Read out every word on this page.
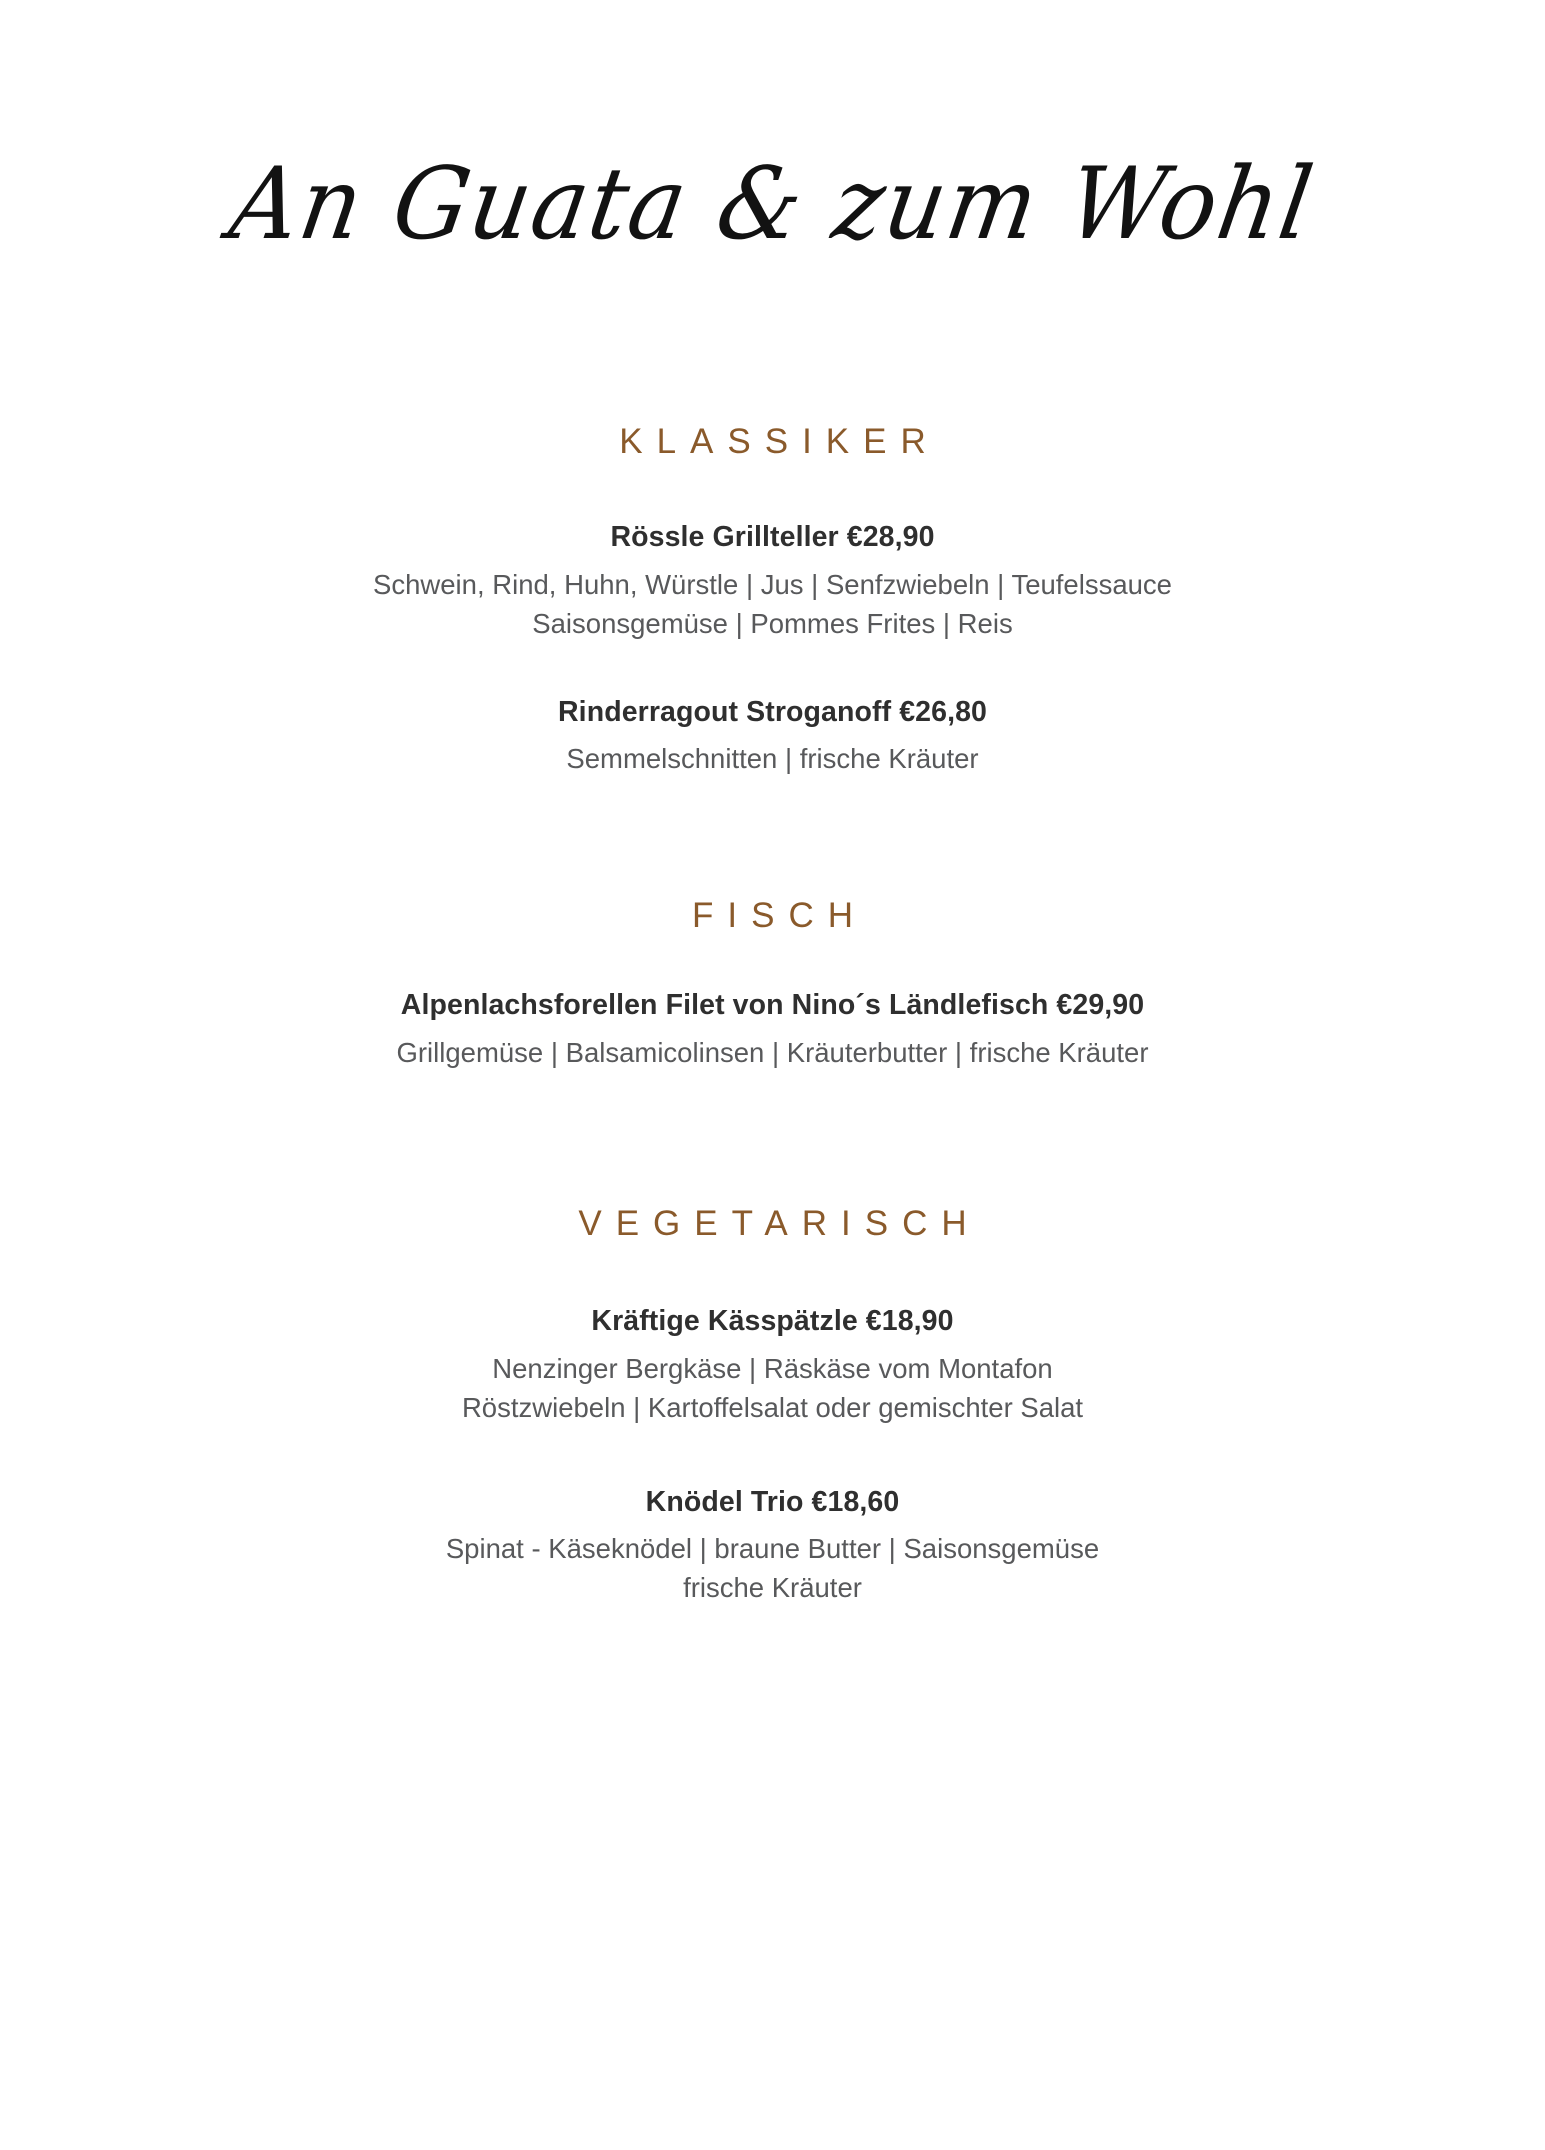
An Guata & zum Wohl
KLASSIKER

Rössle Grillteller €28,90

Schwein, Rind, Huhn, Würstle | Jus | Senfzwiebeln | Teufelssauce
Saisonsgemüse | Pommes Frites | Reis

Rinderragout Stroganoff €26,80

Semmelschnitten | frische Kräuter

FISCH

Alpenlachsforellen Filet von Nino´s Ländlefisch €29,90

Grillgemüse | Balsamicolinsen | Kräuterbutter | frische Kräuter

VEGETARISCH

Kräftige Kässpätzle €18,90

Nenzinger Bergkäse | Räskäse vom Montafon
Röstzwiebeln | Kartoffelsalat oder gemischter Salat

Knödel Trio €18,60

Spinat - Käseknödel | braune Butter | Saisonsgemüse
frische Kräuter
